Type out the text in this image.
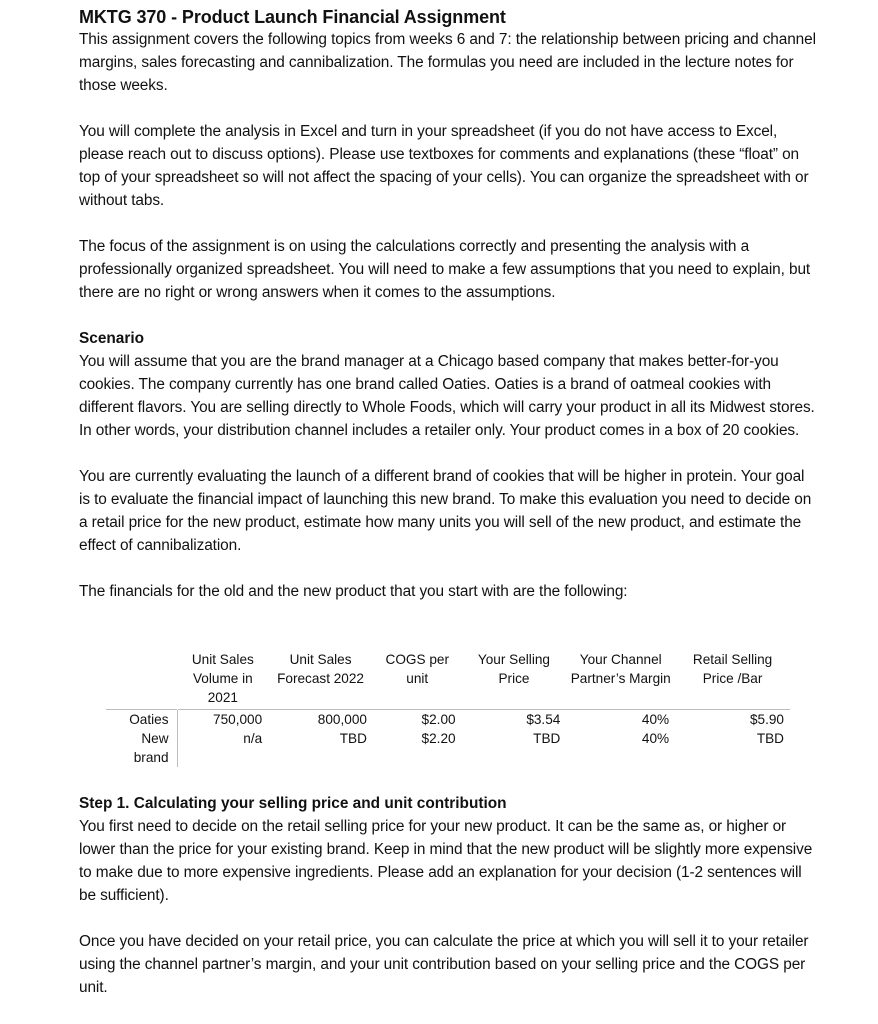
MKTG 370 - Product Launch Financial Assignment

This assignment covers the following topics from weeks 6 and 7: the relationship between pricing and channel margins, sales forecasting and cannibalization. The formulas you need are included in the lecture notes for those weeks.

You will complete the analysis in Excel and turn in your spreadsheet (if you do not have access to Excel, please reach out to discuss options). Please use textboxes for comments and explanations (these “float” on top of your spreadsheet so will not affect the spacing of your cells). You can organize the spreadsheet with or without tabs.

The focus of the assignment is on using the calculations correctly and presenting the analysis with a professionally organized spreadsheet. You will need to make a few assumptions that you need to explain, but there are no right or wrong answers when it comes to the assumptions.

Scenario

You will assume that you are the brand manager at a Chicago based company that makes better-for-you cookies. The company currently has one brand called Oaties. Oaties is a brand of oatmeal cookies with different flavors. You are selling directly to Whole Foods, which will carry your product in all its Midwest stores. In other words, your distribution channel includes a retailer only. Your product comes in a box of 20 cookies.

You are currently evaluating the launch of a different brand of cookies that will be higher in protein. Your goal is to evaluate the financial impact of launching this new brand. To make this evaluation you need to decide on a retail price for the new product, estimate how many units you will sell of the new product, and estimate the effect of cannibalization.

The financials for the old and the new product that you start with are the following:

	Unit Sales Volume in 2021	Unit Sales Forecast 2022	COGS per unit	Your Selling Price	Your Channel Partner’s Margin	Retail Selling Price /Bar
Oaties	750,000	800,000	$2.00	$3.54	40%	$5.90
New brand	n/a	TBD	$2.20	TBD	40%	TBD
Step 1. Calculating your selling price and unit contribution

You first need to decide on the retail selling price for your new product. It can be the same as, or higher or lower than the price for your existing brand. Keep in mind that the new product will be slightly more expensive to make due to more expensive ingredients. Please add an explanation for your decision (1-2 sentences will be sufficient).

Once you have decided on your retail price, you can calculate the price at which you will sell it to your retailer using the channel partner’s margin, and your unit contribution based on your selling price and the COGS per unit.
